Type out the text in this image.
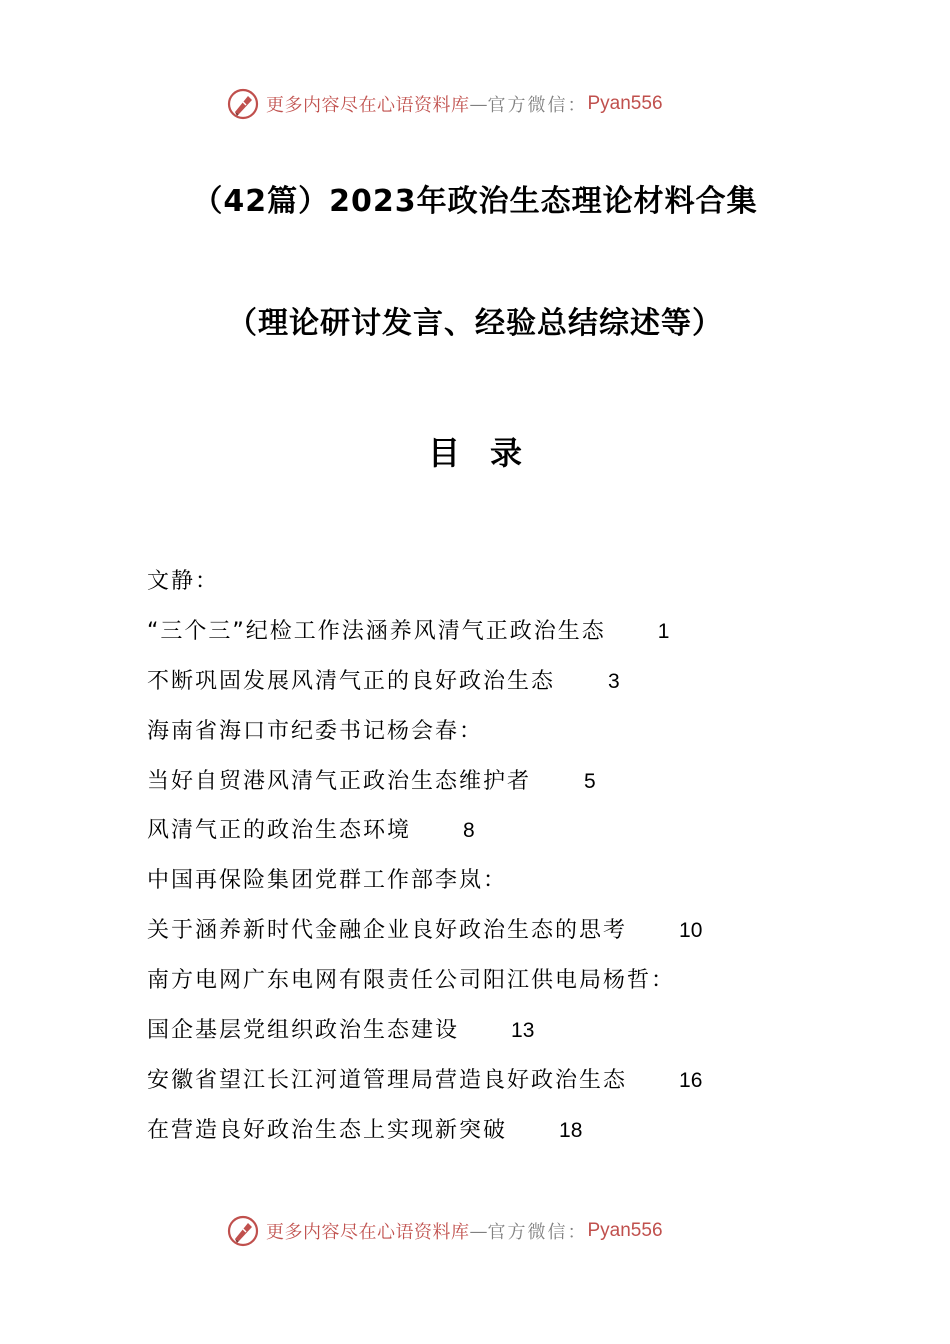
更多内容尽在心语资料库 — 官方微信： Pyan556
（42篇）2023年政治生态理论材料合集
（理论研讨发言、经验总结综述等）
目录
文静：
“三个三”纪检工作法涵养风清气正政治生态 1
不断巩固发展风清气正的良好政治生态	3
海南省海口市纪委书记杨会春：
当好自贸港风清气正政治生态维护者	5
风清气正的政治生态环境 8
中国再保险集团党群工作部李岚：
关于涵养新时代金融企业良好政治生态的思考 10
南方电网广东电网有限责任公司阳江供电局杨哲：
国企基层党组织政治生态建设 13
安徽省望江长江河道管理局营造良好政治生态 16
在营造良好政治生态上实现新突破 18
更多内容尽在心语资料库 — 官方微信： Pyan556
